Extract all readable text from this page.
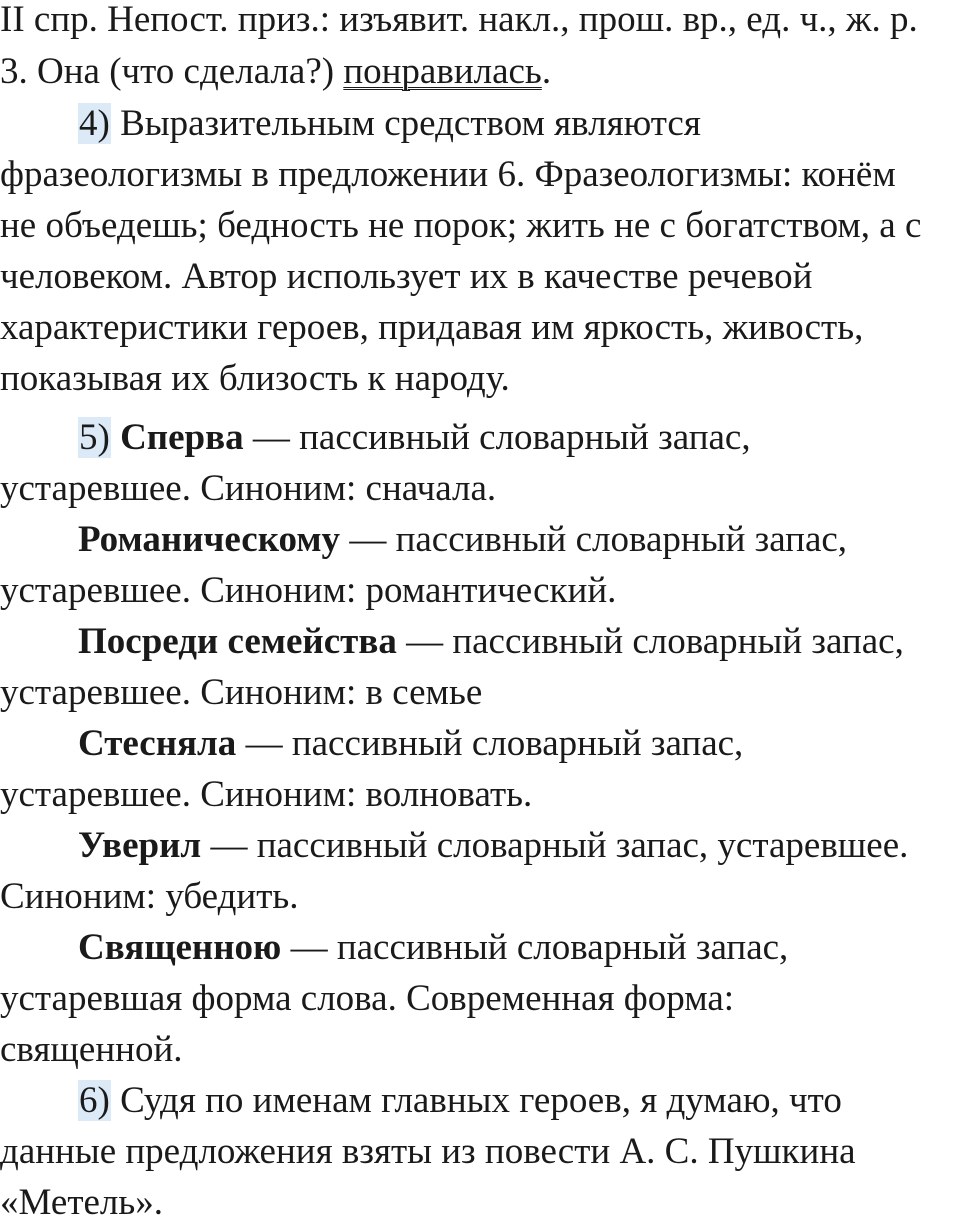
II спр. Непост. приз.: изъявит. накл., прош. вр., ед. ч., ж. р.
3. Она (что сделала?) понравилась.
4) Выразительным средством являются
фразеологизмы в предложении 6. Фразеологизмы: конём
не объедешь; бедность не порок; жить не с богатством, а с
человеком. Автор использует их в качестве речевой
характеристики героев, придавая им яркость, живость,
показывая их близость к народу.
5) Сперва — пассивный словарный запас,
устаревшее. Синоним: сначала.
Романическому — пассивный словарный запас,
устаревшее. Синоним: романтический.
Посреди семейства — пассивный словарный запас,
устаревшее. Синоним: в семье
Стесняла — пассивный словарный запас,
устаревшее. Синоним: волновать.
Уверил — пассивный словарный запас, устаревшее.
Синоним: убедить.
Священною — пассивный словарный запас,
устаревшая форма слова. Современная форма:
священной.
6) Судя по именам главных героев, я думаю, что
данные предложения взяты из повести А. С. Пушкина
«Метель».
